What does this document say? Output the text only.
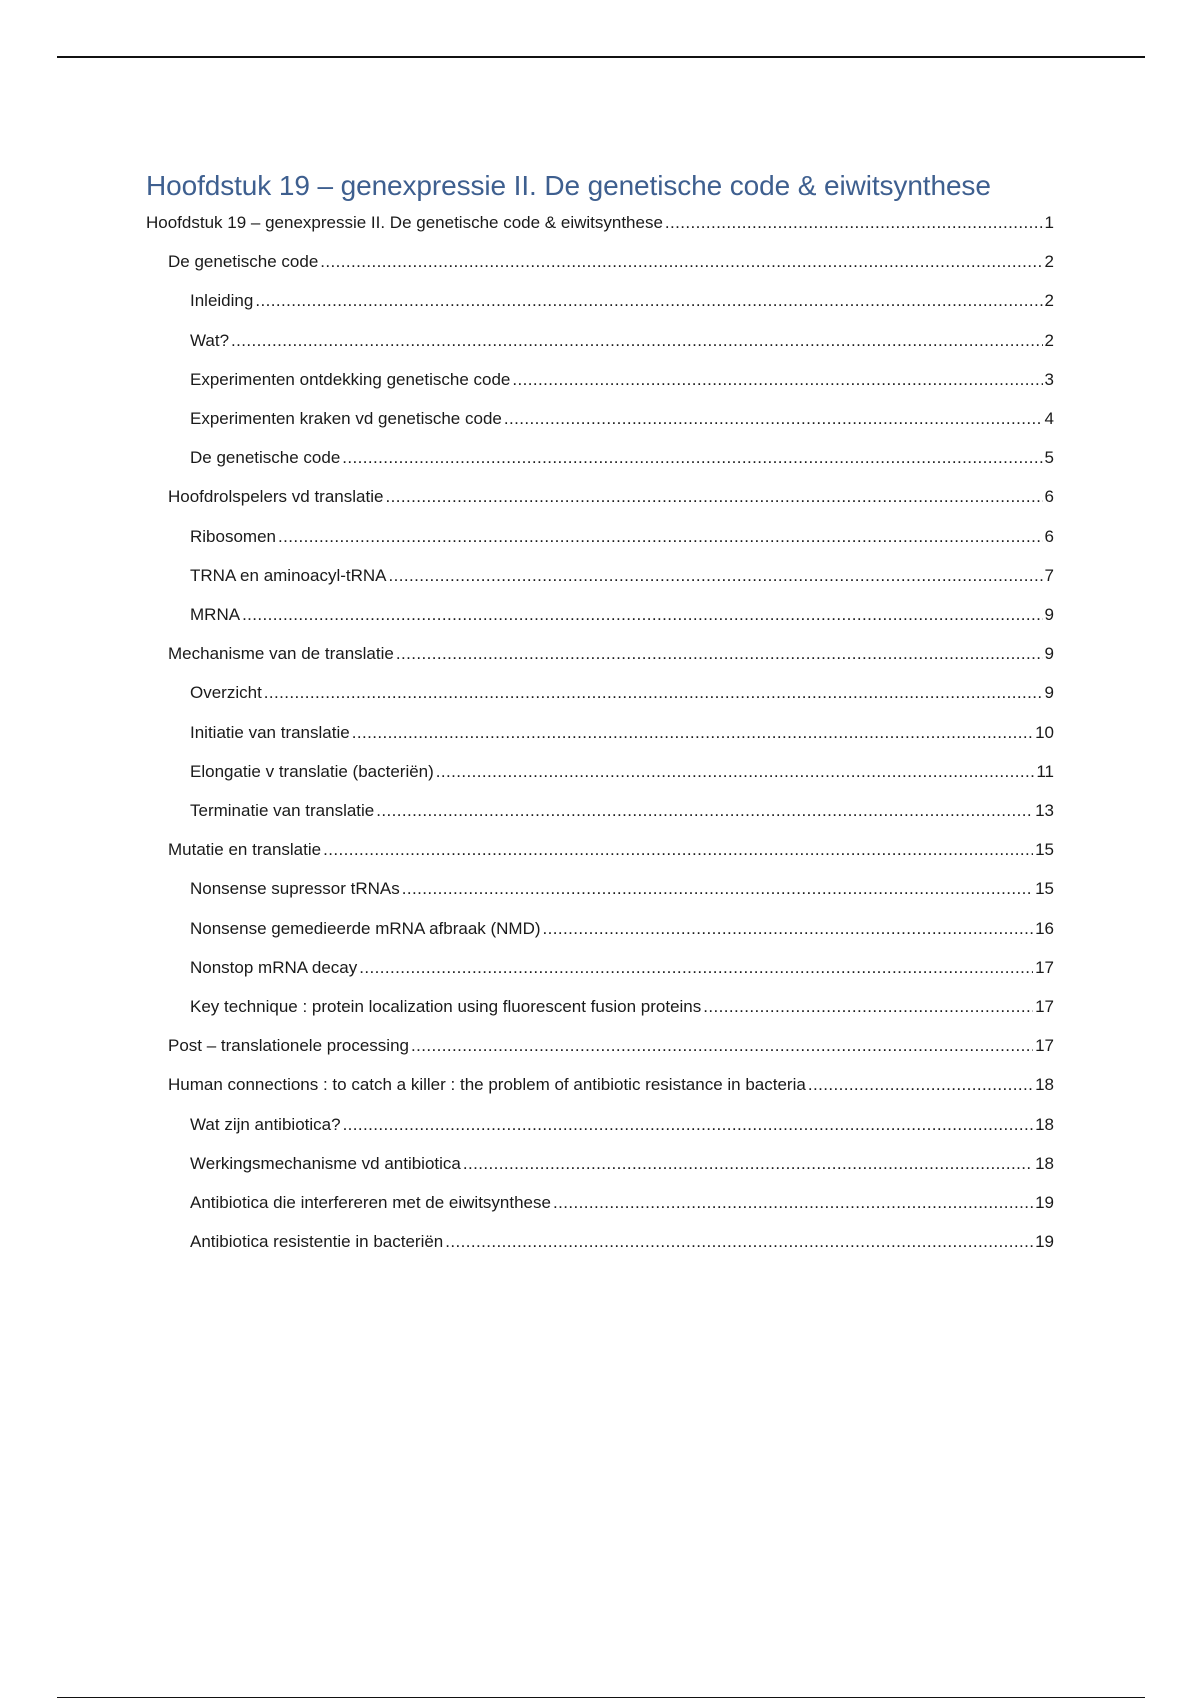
Hoofdstuk 19 – genexpressie II. De genetische code & eiwitsynthese
Hoofdstuk 19 – genexpressie II. De genetische code & eiwitsynthese .....	1
De genetische code .....	2
Inleiding .....	2
Wat? .....	2
Experimenten ontdekking genetische code .....	3
Experimenten kraken vd genetische code .....	4
De genetische code .....	5
Hoofdrolspelers vd translatie .....	6
Ribosomen .....	6
TRNA en aminoacyl-tRNA .....	7
MRNA .....	9
Mechanisme van de translatie .....	9
Overzicht .....	9
Initiatie van translatie .....	10
Elongatie v translatie (bacteriën) .....	11
Terminatie van translatie .....	13
Mutatie en translatie .....	15
Nonsense supressor tRNAs .....	15
Nonsense gemedieerde mRNA afbraak (NMD) .....	16
Nonstop mRNA decay .....	17
Key technique : protein localization using fluorescent fusion proteins .....	17
Post – translationele processing .....	17
Human connections : to catch a killer : the problem of antibiotic resistance in bacteria .....	18
Wat zijn antibiotica? .....	18
Werkingsmechanisme vd antibiotica .....	18
Antibiotica die interfereren met de eiwitsynthese .....	19
Antibiotica resistentie in bacteriën .....	19
